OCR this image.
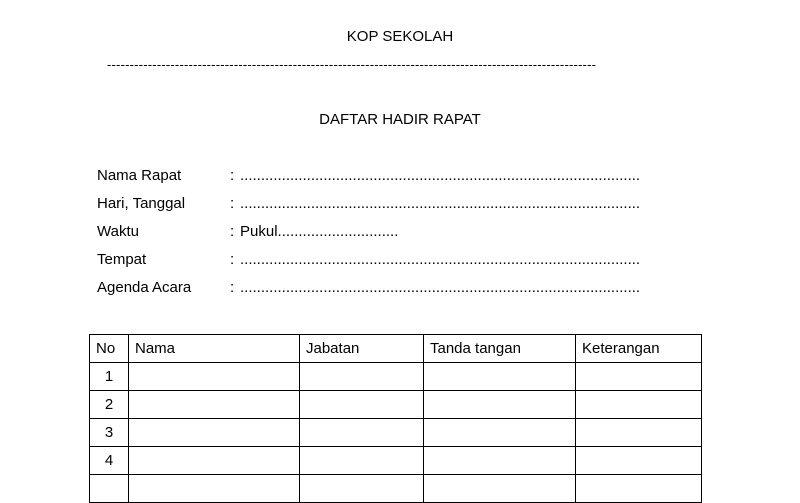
KOP SEKOLAH
------------------------------------------------------------------------------------------------------------
DAFTAR HADIR RAPAT
Nama Rapat	: ................................................................................................
Hari, Tanggal	: ................................................................................................
Waktu	: Pukul.............................
Tempat	: ................................................................................................
Agenda Acara	: ................................................................................................
No	Nama	Jabatan	Tanda tangan	Keterangan
1				
2				
3				
4				
